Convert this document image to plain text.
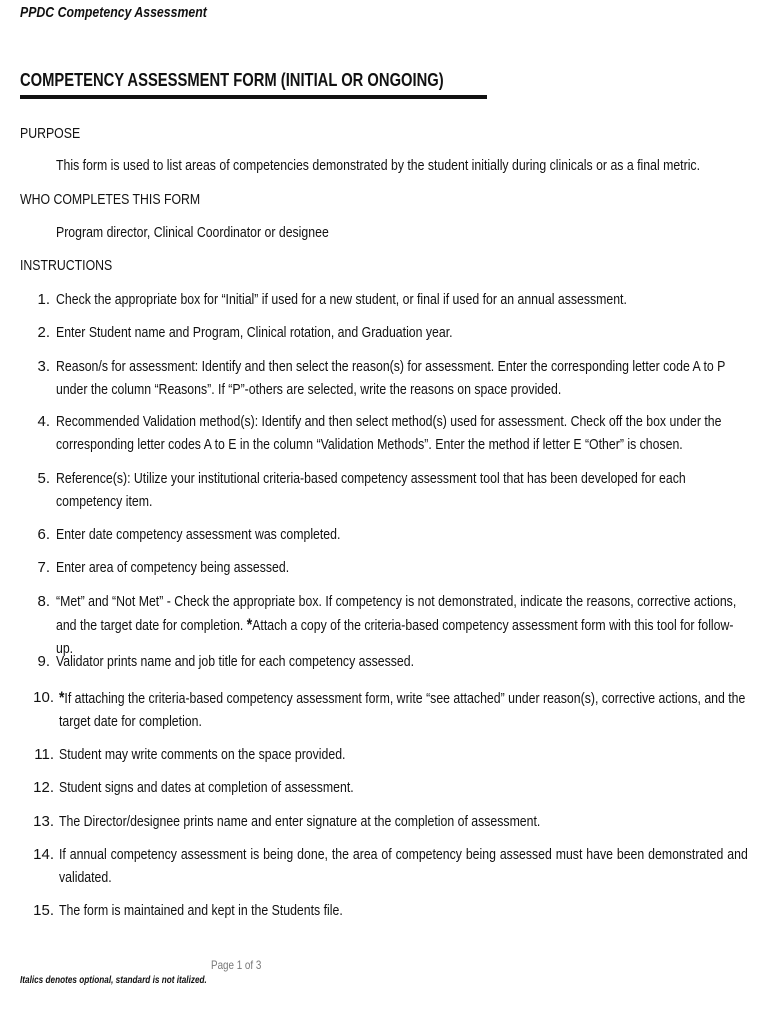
PPDC Competency Assessment
COMPETENCY ASSESSMENT FORM (INITIAL OR ONGOING)
PURPOSE
This form is used to list areas of competencies demonstrated by the student initially during clinicals or as a final metric.
WHO COMPLETES THIS FORM
Program director, Clinical Coordinator or designee
INSTRUCTIONS
1. Check the appropriate box for “Initial” if used for a new student, or final if used for an annual assessment.
2. Enter Student name and Program, Clinical rotation, and Graduation year.
3. Reason/s for assessment: Identify and then select the reason(s) for assessment. Enter the corresponding letter code A to P under the column “Reasons”. If “P”-others are selected, write the reasons on space provided.
4. Recommended Validation method(s): Identify and then select method(s) used for assessment. Check off the box under the corresponding letter codes A to E in the column “Validation Methods”. Enter the method if letter E “Other” is chosen.
5. Reference(s): Utilize your institutional criteria-based competency assessment tool that has been developed for each competency item.
6. Enter date competency assessment was completed.
7. Enter area of competency being assessed.
8. “Met” and “Not Met” - Check the appropriate box. If competency is not demonstrated, indicate the reasons, corrective actions, and the target date for completion. *Attach a copy of the criteria-based competency assessment form with this tool for follow-up.
9. Validator prints name and job title for each competency assessed.
10. *If attaching the criteria-based competency assessment form, write “see attached” under reason(s), corrective actions, and the target date for completion.
11. Student may write comments on the space provided.
12. Student signs and dates at completion of assessment.
13. The Director/designee prints name and enter signature at the completion of assessment.
14. If annual competency assessment is being done, the area of competency being assessed must have been demonstrated and validated.
15. The form is maintained and kept in the Students file.
Page 1 of 3
Italics denotes optional, standard is not italized.
